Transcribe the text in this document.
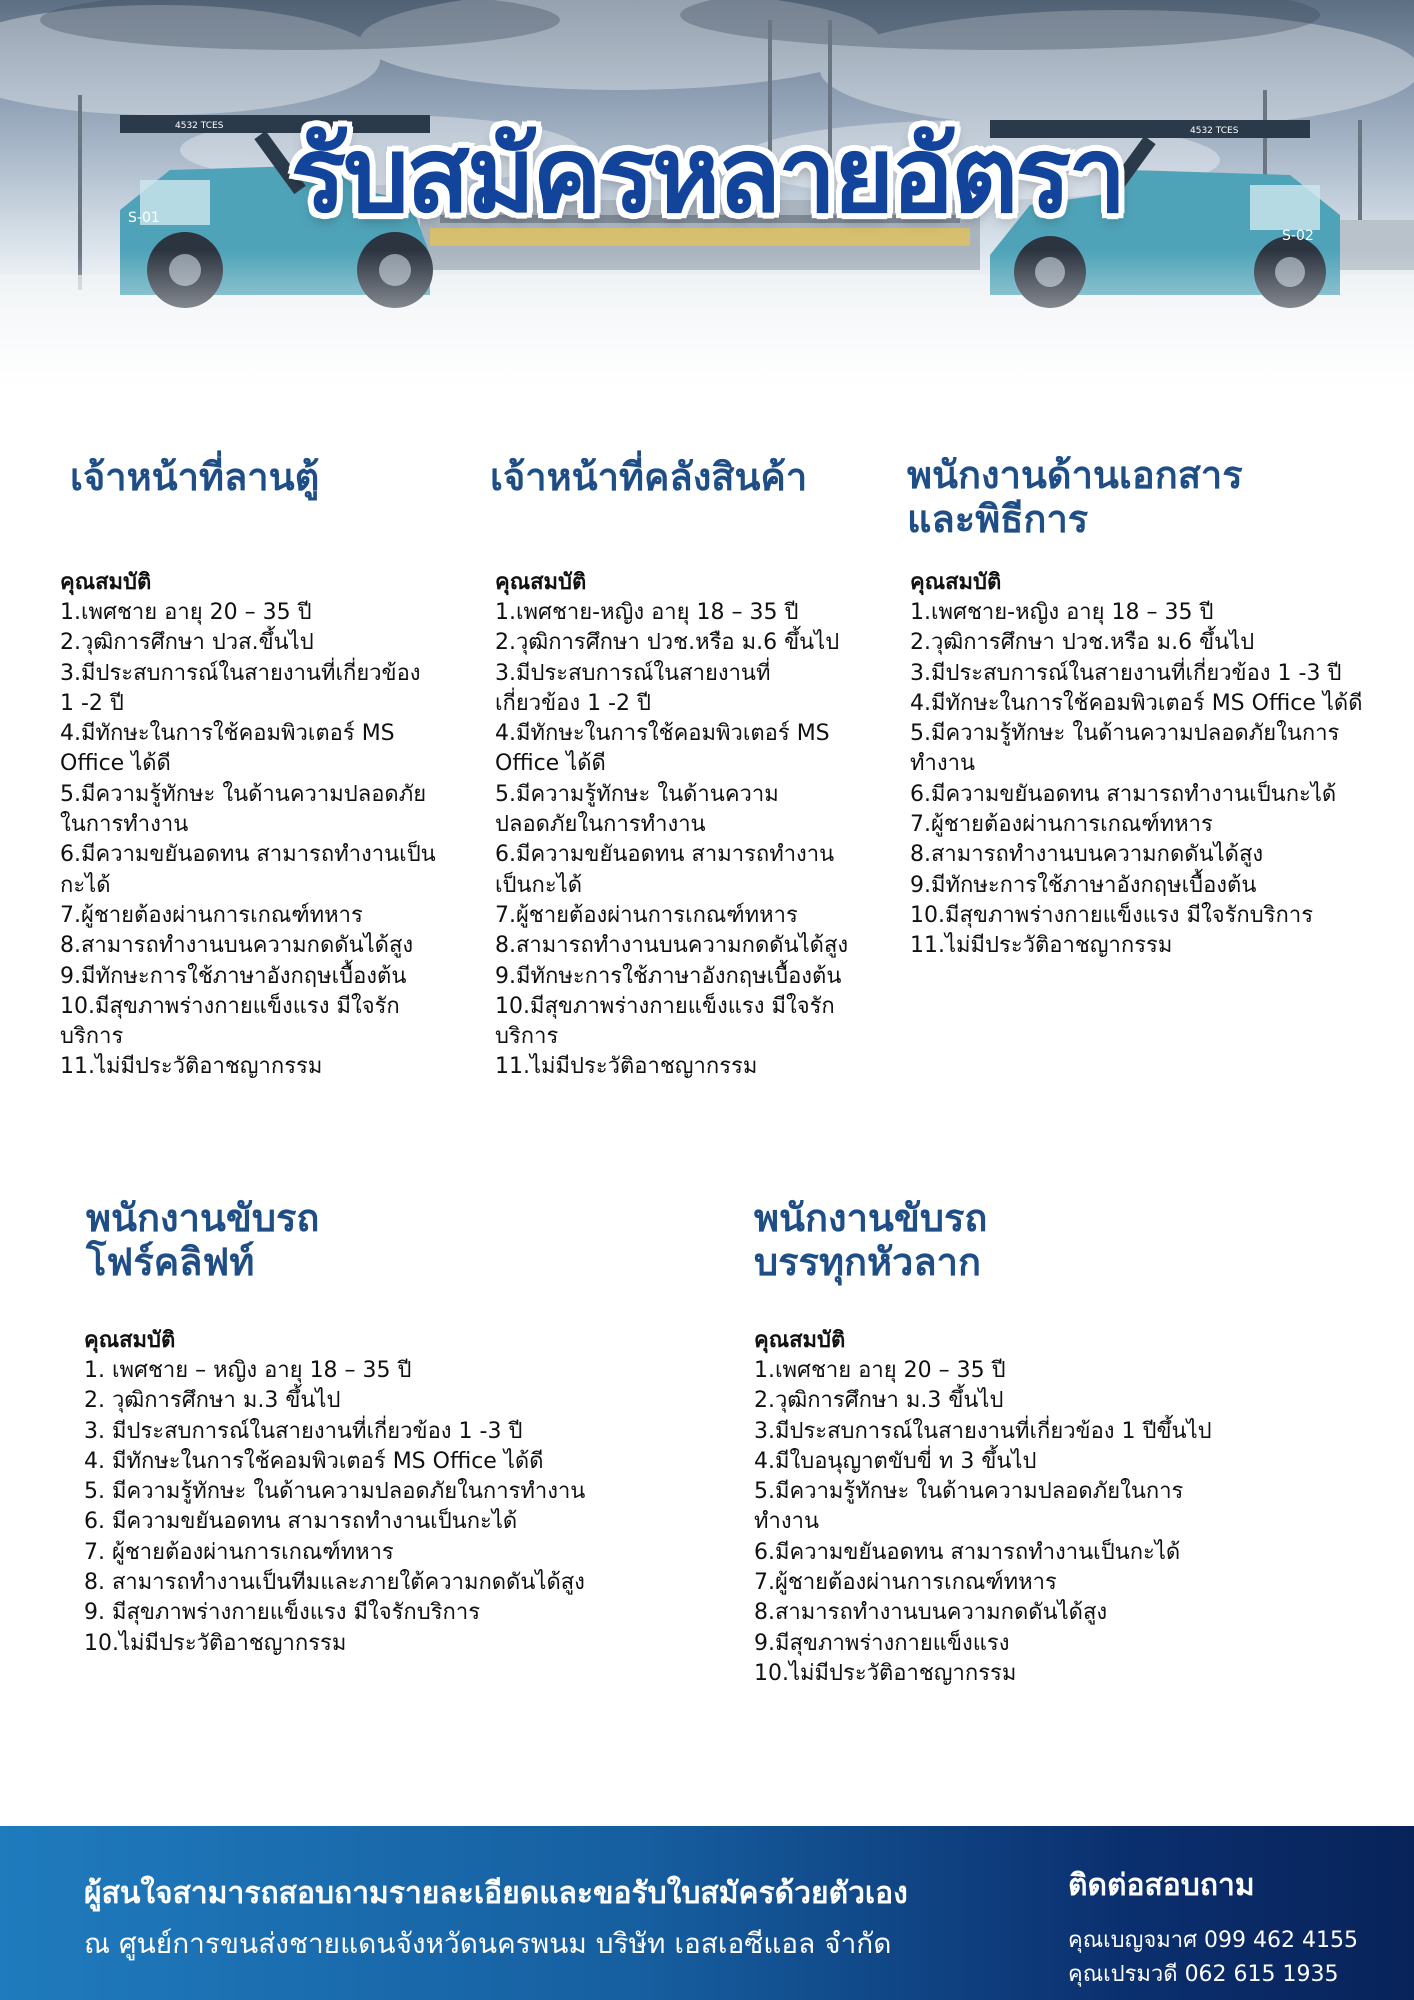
S-01
4532 TCES
S-02
4532 TCES
รับสมัครหลายอัตรา
เจ้าหน้าที่ลานตู้
คุณสมบัติ
1.เพศชาย อายุ 20 – 35 ปี
2.วุฒิการศึกษา ปวส.ขึ้นไป
3.มีประสบการณ์ในสายงานที่เกี่ยวข้อง
1 -2 ปี
4.มีทักษะในการใช้คอมพิวเตอร์ MS
Office ได้ดี
5.มีความรู้ทักษะ ในด้านความปลอดภัย
ในการทำงาน
6.มีความขยันอดทน สามารถทำงานเป็น
กะได้
7.ผู้ชายต้องผ่านการเกณฑ์ทหาร
8.สามารถทำงานบนความกดดันได้สูง
9.มีทักษะการใช้ภาษาอังกฤษเบื้องต้น
10.มีสุขภาพร่างกายแข็งแรง มีใจรัก
บริการ
11.ไม่มีประวัติอาชญากรรม
เจ้าหน้าที่คลังสินค้า
คุณสมบัติ
1.เพศชาย-หญิง อายุ 18 – 35 ปี
2.วุฒิการศึกษา ปวช.หรือ ม.6 ขึ้นไป
3.มีประสบการณ์ในสายงานที่
เกี่ยวข้อง 1 -2 ปี
4.มีทักษะในการใช้คอมพิวเตอร์ MS
Office ได้ดี
5.มีความรู้ทักษะ ในด้านความ
ปลอดภัยในการทำงาน
6.มีความขยันอดทน สามารถทำงาน
เป็นกะได้
7.ผู้ชายต้องผ่านการเกณฑ์ทหาร
8.สามารถทำงานบนความกดดันได้สูง
9.มีทักษะการใช้ภาษาอังกฤษเบื้องต้น
10.มีสุขภาพร่างกายแข็งแรง มีใจรัก
บริการ
11.ไม่มีประวัติอาชญากรรม
พนักงานด้านเอกสาร
และพิธีการ
คุณสมบัติ
1.เพศชาย-หญิง อายุ 18 – 35 ปี
2.วุฒิการศึกษา ปวช.หรือ ม.6 ขึ้นไป
3.มีประสบการณ์ในสายงานที่เกี่ยวข้อง 1 -3 ปี
4.มีทักษะในการใช้คอมพิวเตอร์ MS Office ได้ดี
5.มีความรู้ทักษะ ในด้านความปลอดภัยในการ
ทำงาน
6.มีความขยันอดทน สามารถทำงานเป็นกะได้
7.ผู้ชายต้องผ่านการเกณฑ์ทหาร
8.สามารถทำงานบนความกดดันได้สูง
9.มีทักษะการใช้ภาษาอังกฤษเบื้องต้น
10.มีสุขภาพร่างกายแข็งแรง มีใจรักบริการ
11.ไม่มีประวัติอาชญากรรม
พนักงานขับรถ
โฟร์คลิฟท์
คุณสมบัติ
1. เพศชาย – หญิง อายุ 18 – 35 ปี
2. วุฒิการศึกษา ม.3 ขึ้นไป
3. มีประสบการณ์ในสายงานที่เกี่ยวข้อง 1 -3 ปี
4. มีทักษะในการใช้คอมพิวเตอร์ MS Office ได้ดี
5. มีความรู้ทักษะ ในด้านความปลอดภัยในการทำงาน
6. มีความขยันอดทน สามารถทำงานเป็นกะได้
7. ผู้ชายต้องผ่านการเกณฑ์ทหาร
8. สามารถทำงานเป็นทีมและภายใต้ความกดดันได้สูง
9. มีสุขภาพร่างกายแข็งแรง มีใจรักบริการ
10.ไม่มีประวัติอาชญากรรม
พนักงานขับรถ
บรรทุกหัวลาก
คุณสมบัติ
1.เพศชาย อายุ 20 – 35 ปี
2.วุฒิการศึกษา ม.3 ขึ้นไป
3.มีประสบการณ์ในสายงานที่เกี่ยวข้อง 1 ปีขึ้นไป
4.มีใบอนุญาตขับขี่ ท 3 ขึ้นไป
5.มีความรู้ทักษะ ในด้านความปลอดภัยในการ
ทำงาน
6.มีความขยันอดทน สามารถทำงานเป็นกะได้
7.ผู้ชายต้องผ่านการเกณฑ์ทหาร
8.สามารถทำงานบนความกดดันได้สูง
9.มีสุขภาพร่างกายแข็งแรง
10.ไม่มีประวัติอาชญากรรม
ผู้สนใจสามารถสอบถามรายละเอียดและขอรับใบสมัครด้วยตัวเอง
ณ ศูนย์การขนส่งชายแดนจังหวัดนครพนม บริษัท เอสเอซีแอล จำกัด
ติดต่อสอบถาม
คุณเบญจมาศ 099 462 4155
คุณเปรมวดี 062 615 1935
